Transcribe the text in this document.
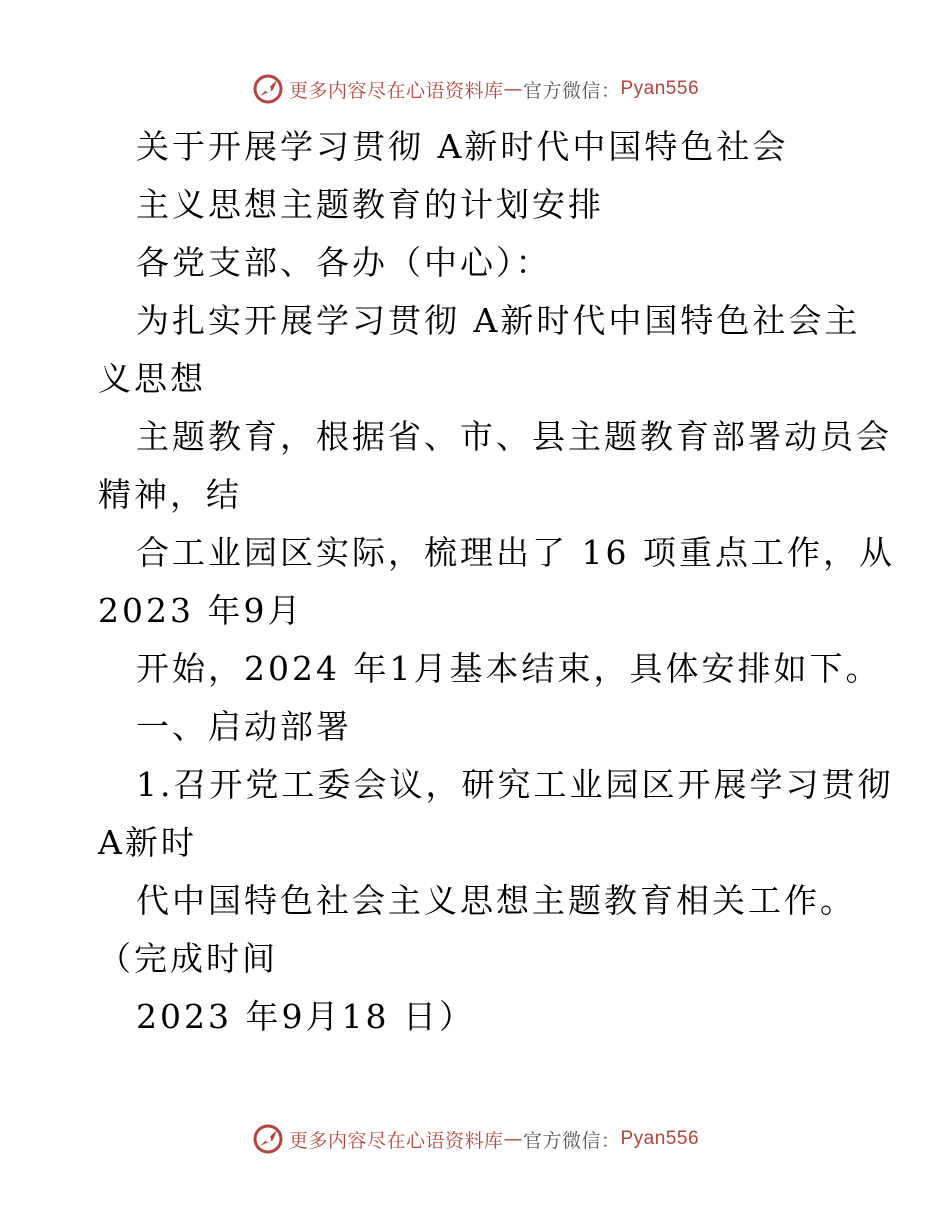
更多内容尽在心语资料库 — 官方微信： Pyan556
关于开展学习贯彻 A新时代中国特色社会
主义思想主题教育的计划安排
各党支部、各办（中心）：
为扎实开展学习贯彻 A新时代中国特色社会主
义思想
主题教育，根据省、市、县主题教育部署动员会
精神，结
合工业园区实际，梳理出了 16 项重点工作，从
2023 年9月
开始，2024 年1月基本结束，具体安排如下。
一、启动部署
1.召开党工委会议，研究工业园区开展学习贯彻
A新时
代中国特色社会主义思想主题教育相关工作。
（完成时间
2023 年9月18 日）
更多内容尽在心语资料库 — 官方微信： Pyan556
